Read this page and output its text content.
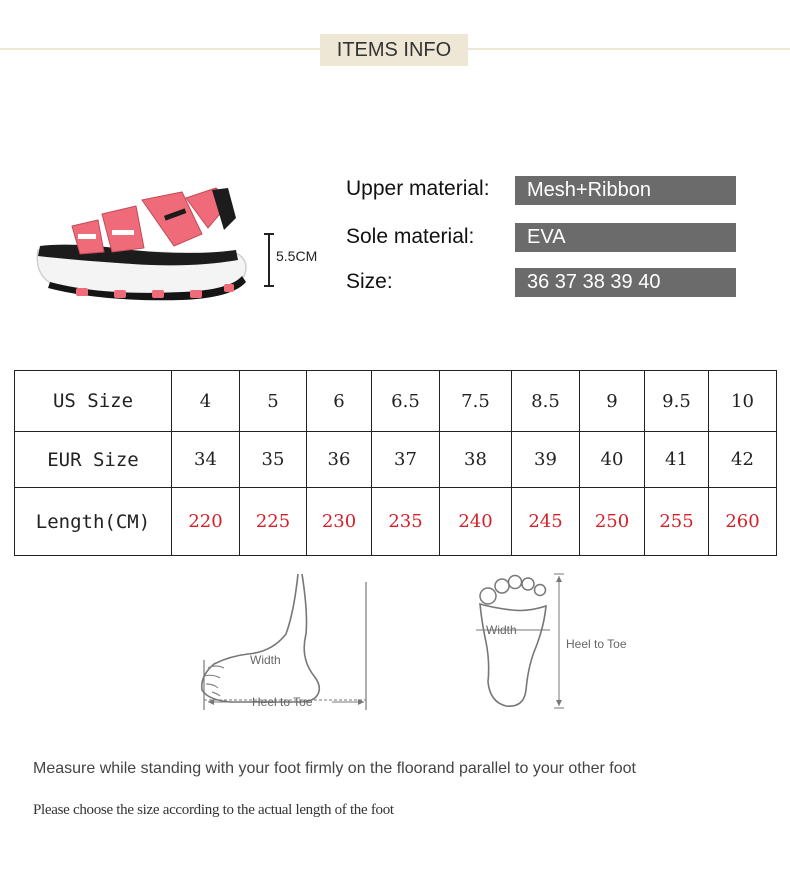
ITEMS INFO
5.5CM
Upper material:	Mesh+Ribbon
Sole material:	EVA
Size:	36 37 38 39 40
US Size	4	5	6	6.5	7.5	8.5	9	9.5	10
EUR Size	34	35	36	37	38	39	40	41	42
Length(CM)	220	225	230	235	240	245	250	255	260
Width
Heel to Toe
Width
Heel to Toe
Measure while standing with your foot firmly on the floorand parallel to your other foot
Please choose the size according to the actual length of the foot
